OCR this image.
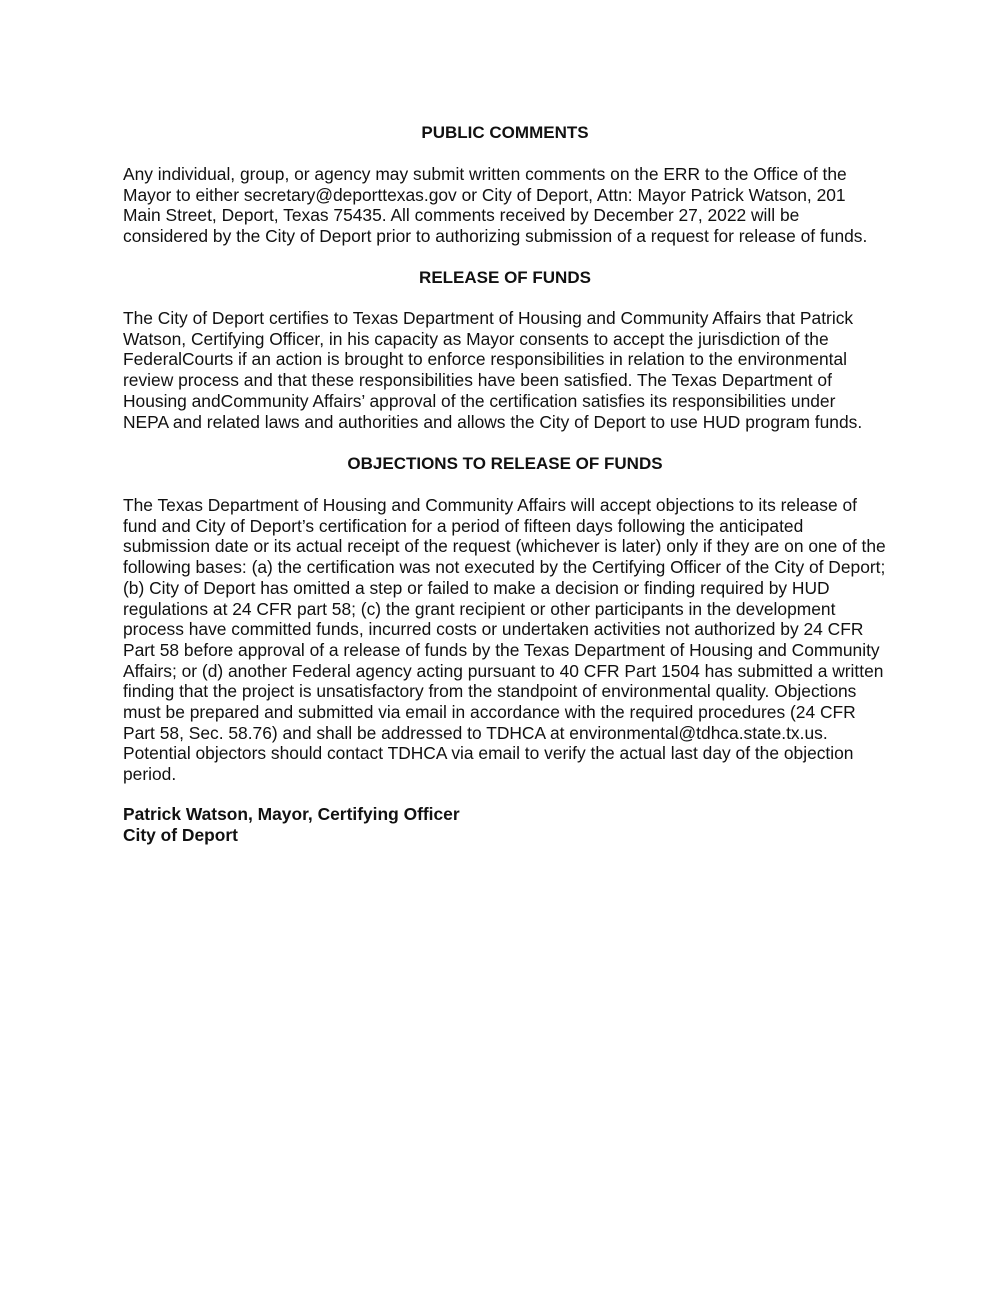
PUBLIC COMMENTS
Any individual, group, or agency may submit written comments on the ERR to the Office of the
Mayor to either secretary@deporttexas.gov or City of Deport, Attn: Mayor Patrick Watson, 201
Main Street, Deport, Texas 75435. All comments received by December 27, 2022 will be
considered by the City of Deport prior to authorizing submission of a request for release of funds.
RELEASE OF FUNDS
The City of Deport certifies to Texas Department of Housing and Community Affairs that Patrick
Watson, Certifying Officer, in his capacity as Mayor consents to accept the jurisdiction of the
FederalCourts if an action is brought to enforce responsibilities in relation to the environmental
review process and that these responsibilities have been satisfied. The Texas Department of
Housing andCommunity Affairs’ approval of the certification satisfies its responsibilities under
NEPA and related laws and authorities and allows the City of Deport to use HUD program funds.
OBJECTIONS TO RELEASE OF FUNDS
The Texas Department of Housing and Community Affairs will accept objections to its release of
fund and City of Deport’s certification for a period of fifteen days following the anticipated
submission date or its actual receipt of the request (whichever is later) only if they are on one of the
following bases: (a) the certification was not executed by the Certifying Officer of the City of Deport;
(b) City of Deport has omitted a step or failed to make a decision or finding required by HUD
regulations at 24 CFR part 58; (c) the grant recipient or other participants in the development
process have committed funds, incurred costs or undertaken activities not authorized by 24 CFR
Part 58 before approval of a release of funds by the Texas Department of Housing and Community
Affairs; or (d) another Federal agency acting pursuant to 40 CFR Part 1504 has submitted a written
finding that the project is unsatisfactory from the standpoint of environmental quality. Objections
must be prepared and submitted via email in accordance with the required procedures (24 CFR
Part 58, Sec. 58.76) and shall be addressed to TDHCA at environmental@tdhca.state.tx.us.
Potential objectors should contact TDHCA via email to verify the actual last day of the objection
period.
Patrick Watson, Mayor, Certifying Officer
City of Deport
